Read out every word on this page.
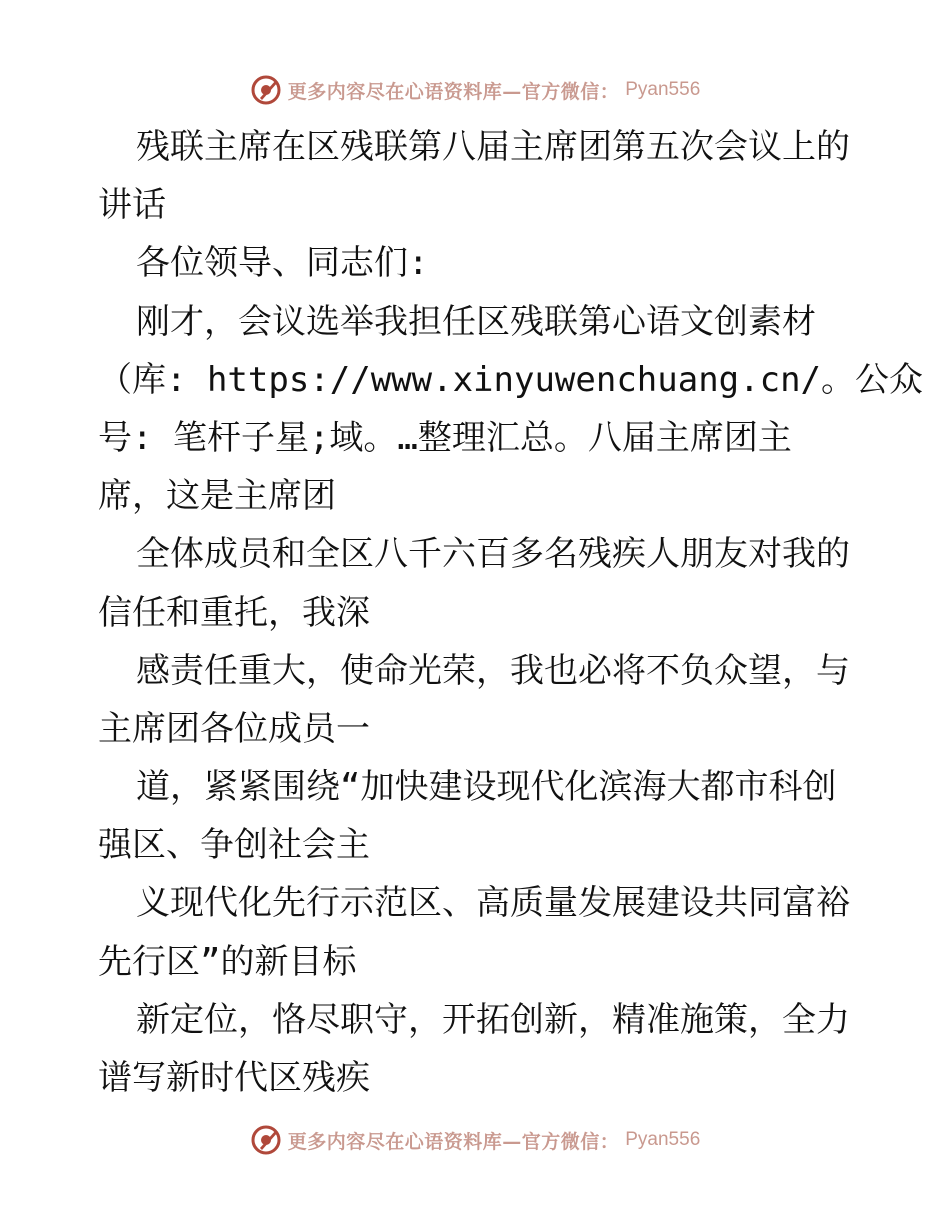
更多内容尽在心语资料库—官方微信： Pyan556
残联主席在区残联第八届主席团第五次会议上的
讲话
各位领导、同志们:
刚才，会议选举我担任区残联第心语文创素材
（库: https://www.xinyuwenchuang.cn/。公众
号: 笔杆子星;域。…整理汇总。八届主席团主
席，这是主席团
全体成员和全区八千六百多名残疾人朋友对我的
信任和重托，我深
感责任重大，使命光荣，我也必将不负众望，与
主席团各位成员一
道，紧紧围绕“加快建设现代化滨海大都市科创
强区、争创社会主
义现代化先行示范区、高质量发展建设共同富裕
先行区”的新目标
新定位，恪尽职守，开拓创新，精准施策，全力
谱写新时代区残疾
更多内容尽在心语资料库—官方微信： Pyan556
